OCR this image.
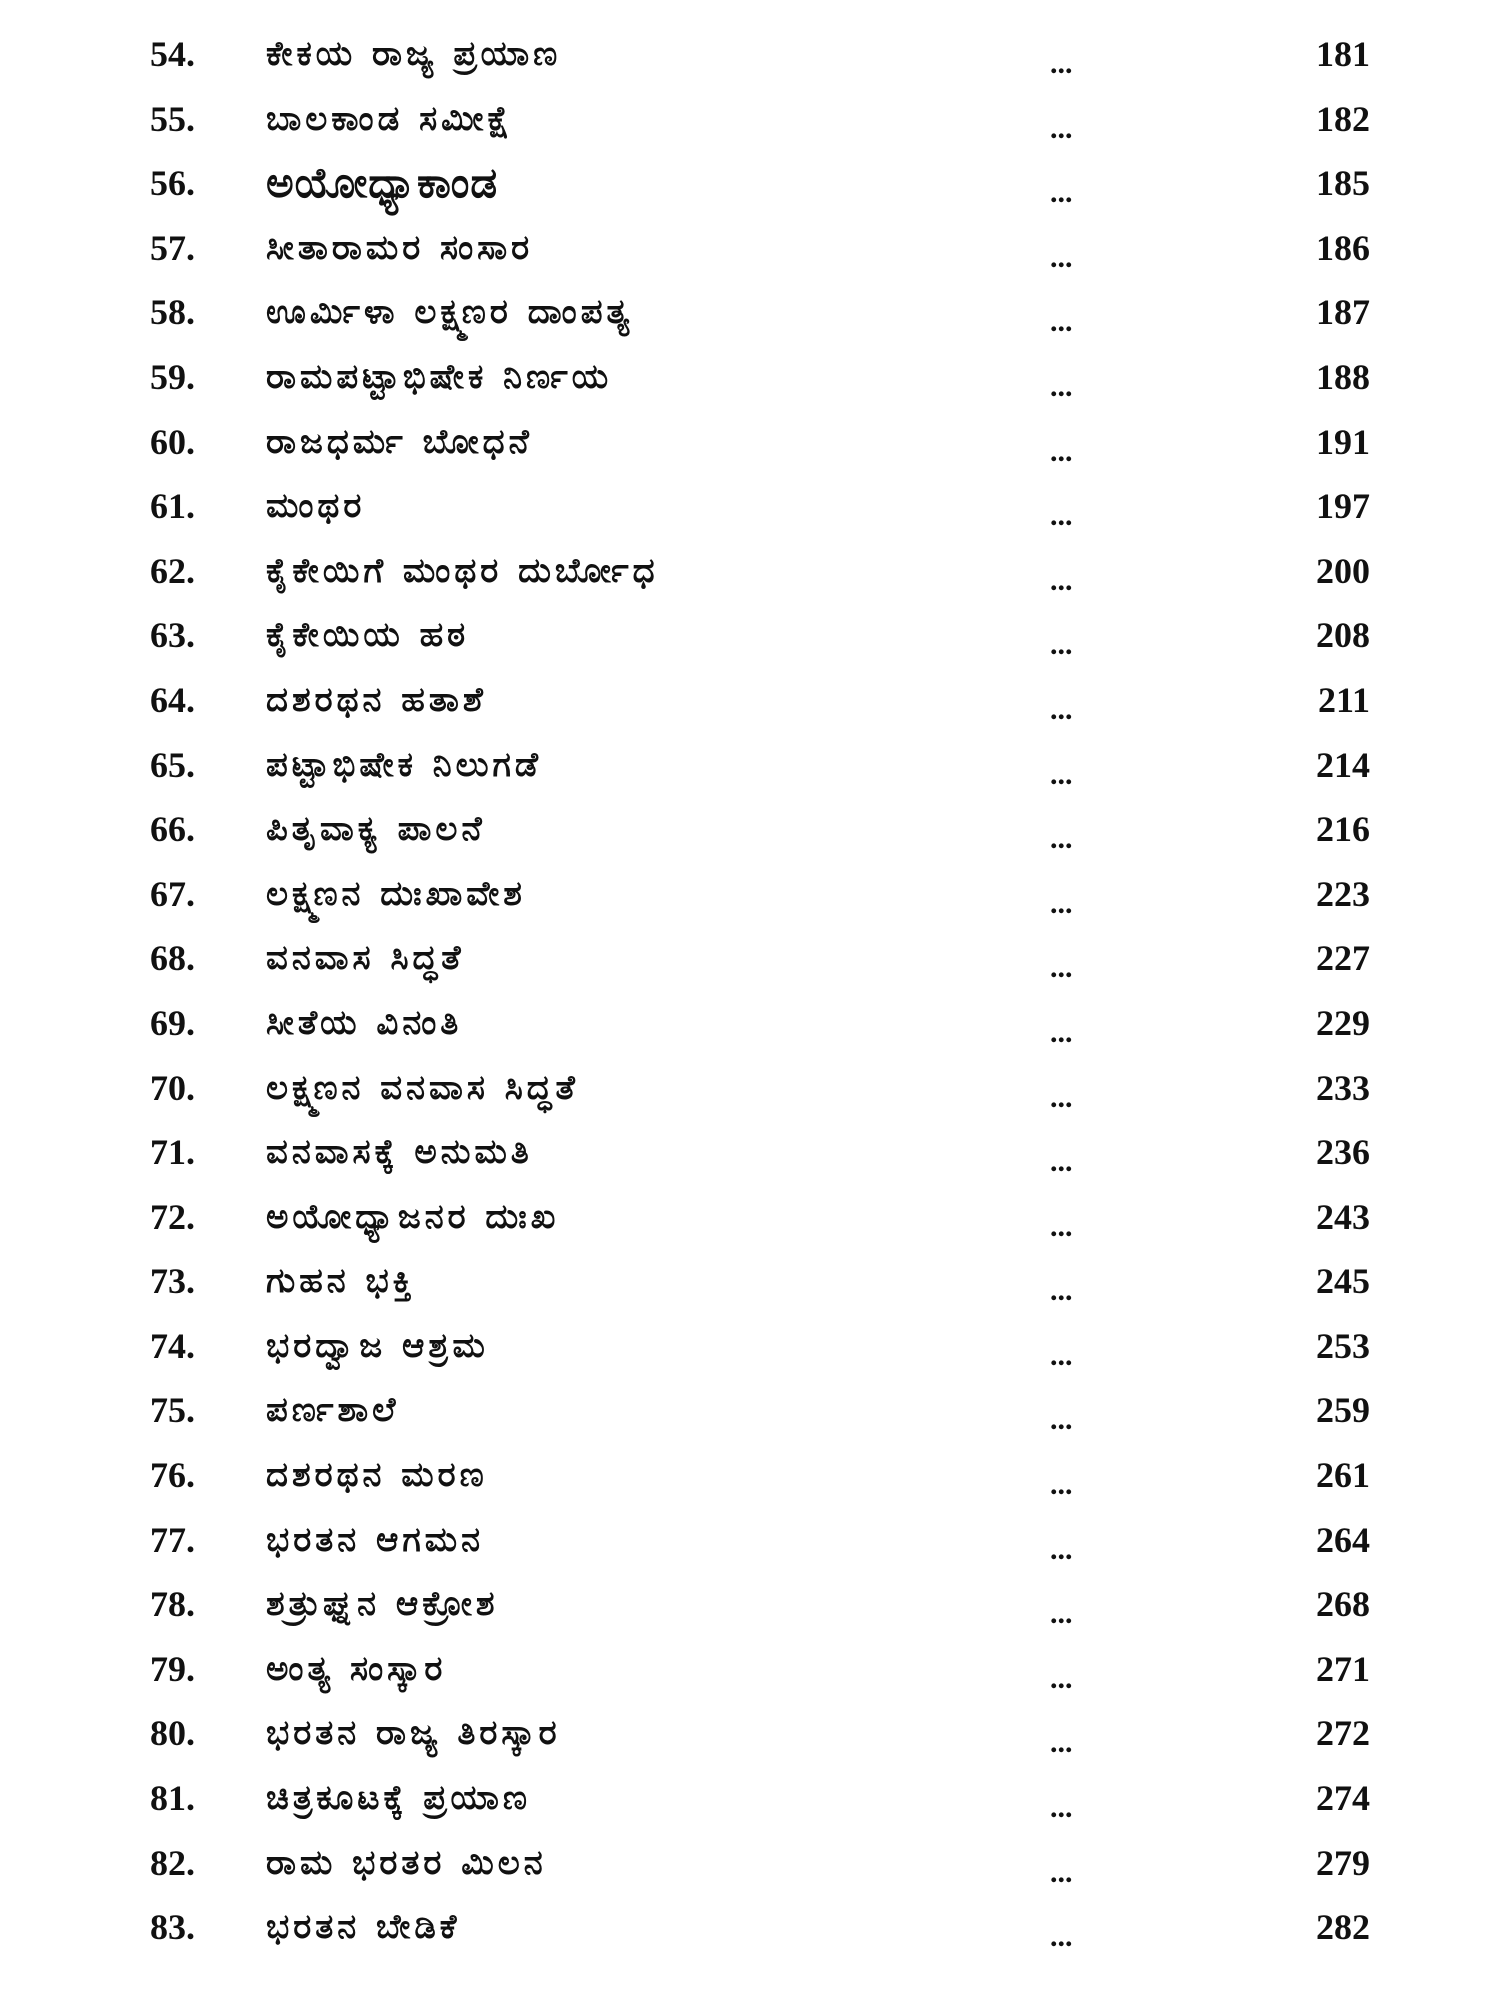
54.	ಕೇಕಯ ರಾಜ್ಯ ಪ್ರಯಾಣ	...	181
55.	ಬಾಲಕಾಂಡ ಸಮೀಕ್ಷೆ	...	182
56.	ಅಯೋಧ್ಯಾಕಾಂಡ	...	185
57.	ಸೀತಾರಾಮರ ಸಂಸಾರ	...	186
58.	ಊರ್ಮಿಳಾ ಲಕ್ಷ್ಮಣರ ದಾಂಪತ್ಯ	...	187
59.	ರಾಮಪಟ್ಟಾಭಿಷೇಕ ನಿರ್ಣಯ	...	188
60.	ರಾಜಧರ್ಮ ಬೋಧನೆ	...	191
61.	ಮಂಥರ	...	197
62.	ಕೈಕೇಯಿಗೆ ಮಂಥರ ದುರ್ಬೋಧ	...	200
63.	ಕೈಕೇಯಿಯ ಹಠ	...	208
64.	ದಶರಥನ ಹತಾಶೆ	...	211
65.	ಪಟ್ಟಾಭಿಷೇಕ ನಿಲುಗಡೆ	...	214
66.	ಪಿತೃವಾಕ್ಯ ಪಾಲನೆ	...	216
67.	ಲಕ್ಷ್ಮಣನ ದುಃಖಾವೇಶ	...	223
68.	ವನವಾಸ ಸಿದ್ಧತೆ	...	227
69.	ಸೀತೆಯ ವಿನಂತಿ	...	229
70.	ಲಕ್ಷ್ಮಣನ ವನವಾಸ ಸಿದ್ಧತೆ	...	233
71.	ವನವಾಸಕ್ಕೆ ಅನುಮತಿ	...	236
72.	ಅಯೋಧ್ಯಾಜನರ ದುಃಖ	...	243
73.	ಗುಹನ ಭಕ್ತಿ	...	245
74.	ಭರದ್ವಾಜ ಆಶ್ರಮ	...	253
75.	ಪರ್ಣಶಾಲೆ	...	259
76.	ದಶರಥನ ಮರಣ	...	261
77.	ಭರತನ ಆಗಮನ	...	264
78.	ಶತ್ರುಘ್ನನ ಆಕ್ರೋಶ	...	268
79.	ಅಂತ್ಯ ಸಂಸ್ಕಾರ	...	271
80.	ಭರತನ ರಾಜ್ಯ ತಿರಸ್ಕಾರ	...	272
81.	ಚಿತ್ರಕೂಟಕ್ಕೆ ಪ್ರಯಾಣ	...	274
82.	ರಾಮ ಭರತರ ಮಿಲನ	...	279
83.	ಭರತನ ಬೇಡಿಕೆ	...	282
